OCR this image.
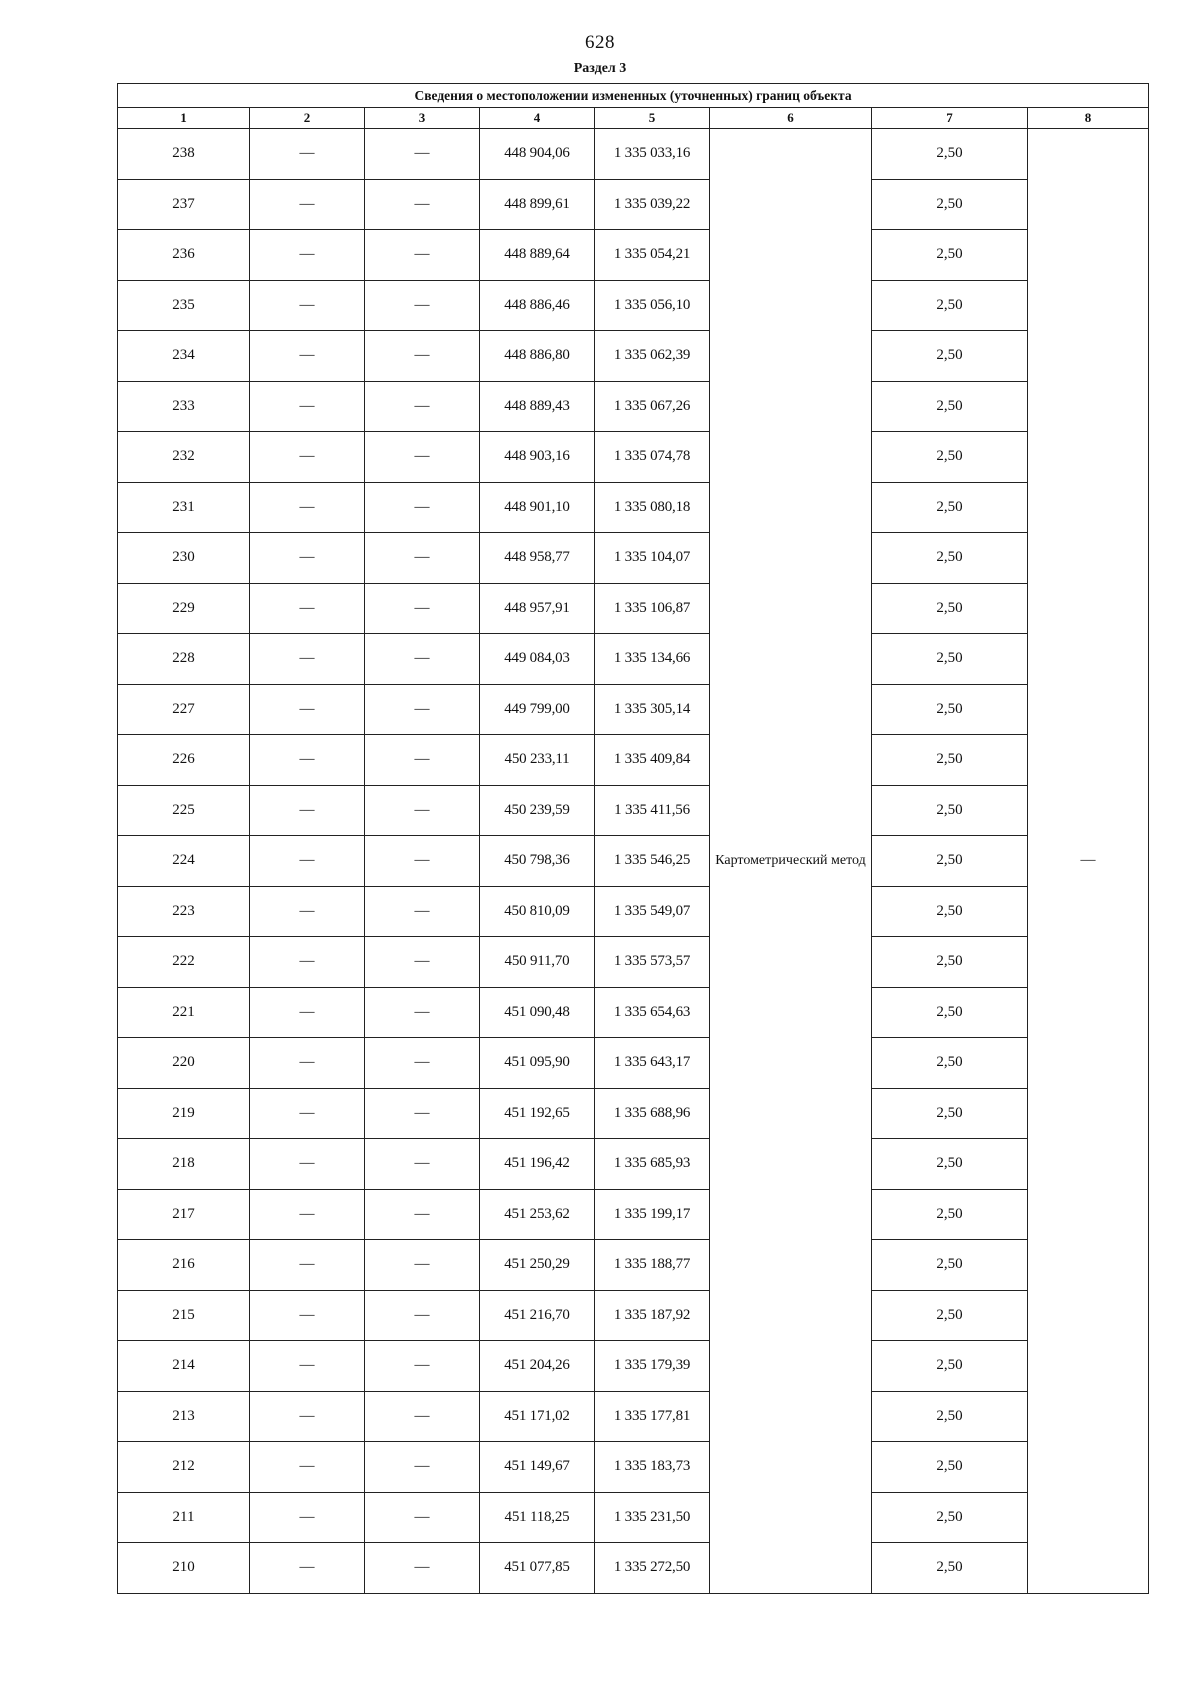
628
Раздел 3
Сведения о местоположении измененных (уточненных) границ объекта							
1	2	3	4	5	6	7	8
238	—	—	448 904,06	1 335 033,16	Картометрический метод	2,50	—
237	—	—	448 899,61	1 335 039,22		2,50	
236	—	—	448 889,64	1 335 054,21		2,50	
235	—	—	448 886,46	1 335 056,10		2,50	
234	—	—	448 886,80	1 335 062,39		2,50	
233	—	—	448 889,43	1 335 067,26		2,50	
232	—	—	448 903,16	1 335 074,78		2,50	
231	—	—	448 901,10	1 335 080,18		2,50	
230	—	—	448 958,77	1 335 104,07		2,50	
229	—	—	448 957,91	1 335 106,87		2,50	
228	—	—	449 084,03	1 335 134,66		2,50	
227	—	—	449 799,00	1 335 305,14		2,50	
226	—	—	450 233,11	1 335 409,84		2,50	
225	—	—	450 239,59	1 335 411,56		2,50	
224	—	—	450 798,36	1 335 546,25		2,50	
223	—	—	450 810,09	1 335 549,07		2,50	
222	—	—	450 911,70	1 335 573,57		2,50	
221	—	—	451 090,48	1 335 654,63		2,50	
220	—	—	451 095,90	1 335 643,17		2,50	
219	—	—	451 192,65	1 335 688,96		2,50	
218	—	—	451 196,42	1 335 685,93		2,50	
217	—	—	451 253,62	1 335 199,17		2,50	
216	—	—	451 250,29	1 335 188,77		2,50	
215	—	—	451 216,70	1 335 187,92		2,50	
214	—	—	451 204,26	1 335 179,39		2,50	
213	—	—	451 171,02	1 335 177,81		2,50	
212	—	—	451 149,67	1 335 183,73		2,50	
211	—	—	451 118,25	1 335 231,50		2,50	
210	—	—	451 077,85	1 335 272,50		2,50	
